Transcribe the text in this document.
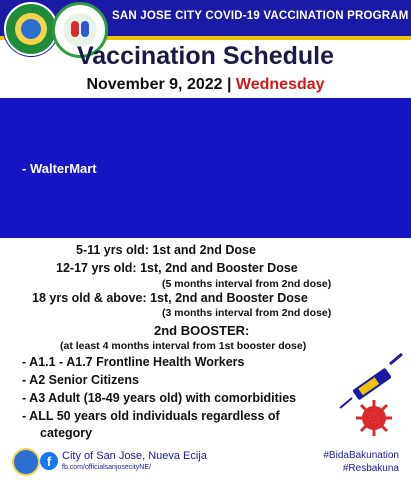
SAN JOSE CITY COVID-19 VACCINATION PROGRAM
Vaccination Schedule
November 9, 2022 | Wednesday
- WalterMart
5-11 yrs old: 1st and 2nd Dose
12-17 yrs old: 1st, 2nd and Booster Dose
(5 months interval from 2nd dose)
18 yrs old & above: 1st, 2nd and Booster Dose
(3 months interval from 2nd dose)
2nd BOOSTER:
(at least 4 months interval from 1st booster dose)
- A1.1 - A1.7 Frontline Health Workers
- A2 Senior Citizens
- A3 Adult (18-49 years old) with comorbidities
- ALL 50 years old individuals regardless of
category
f City of San Jose, Nueva Ecija
fb.com/officialsanjosecityNE/
#BidaBakunation
#Resbakuna
